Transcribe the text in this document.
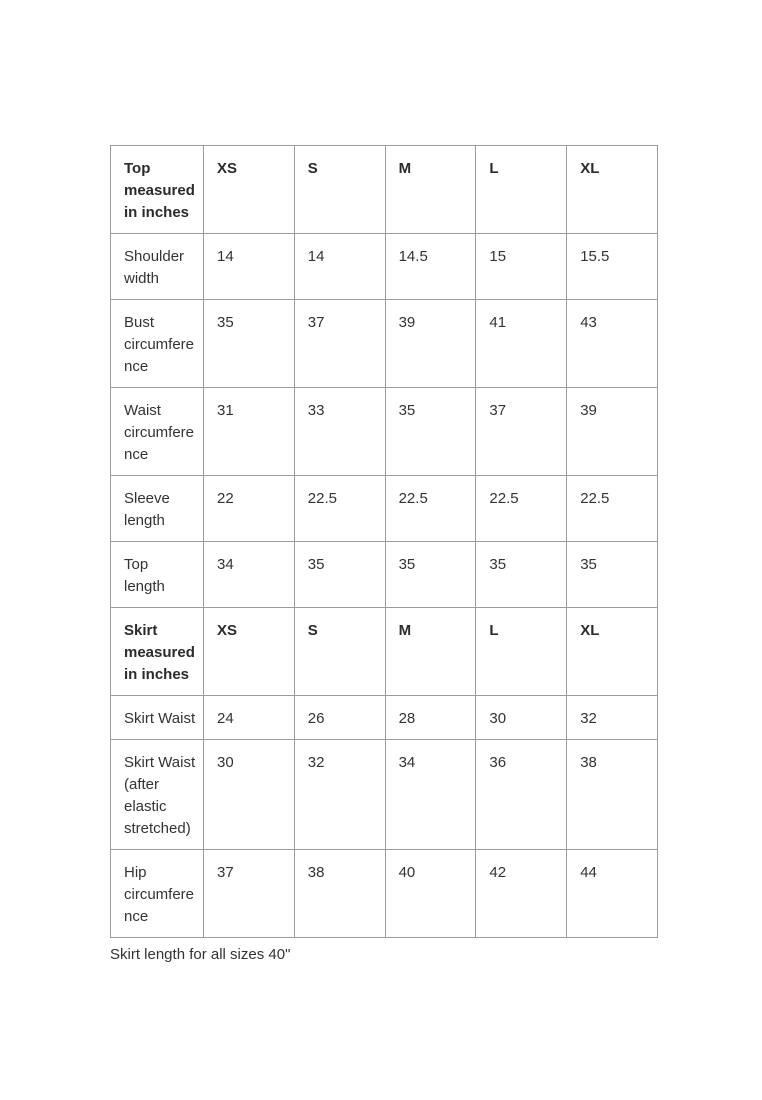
Top measured in inches	XS	S	M	L	XL
Shoulder width	14	14	14.5	15	15.5
Bust circumference	35	37	39	41	43
Waist circumference	31	33	35	37	39
Sleeve length	22	22.5	22.5	22.5	22.5
Top length	34	35	35	35	35
Skirt measured in inches	XS	S	M	L	XL
Skirt Waist	24	26	28	30	32
Skirt Waist (after elastic stretched)	30	32	34	36	38
Hip circumference	37	38	40	42	44
Skirt length for all sizes 40"
